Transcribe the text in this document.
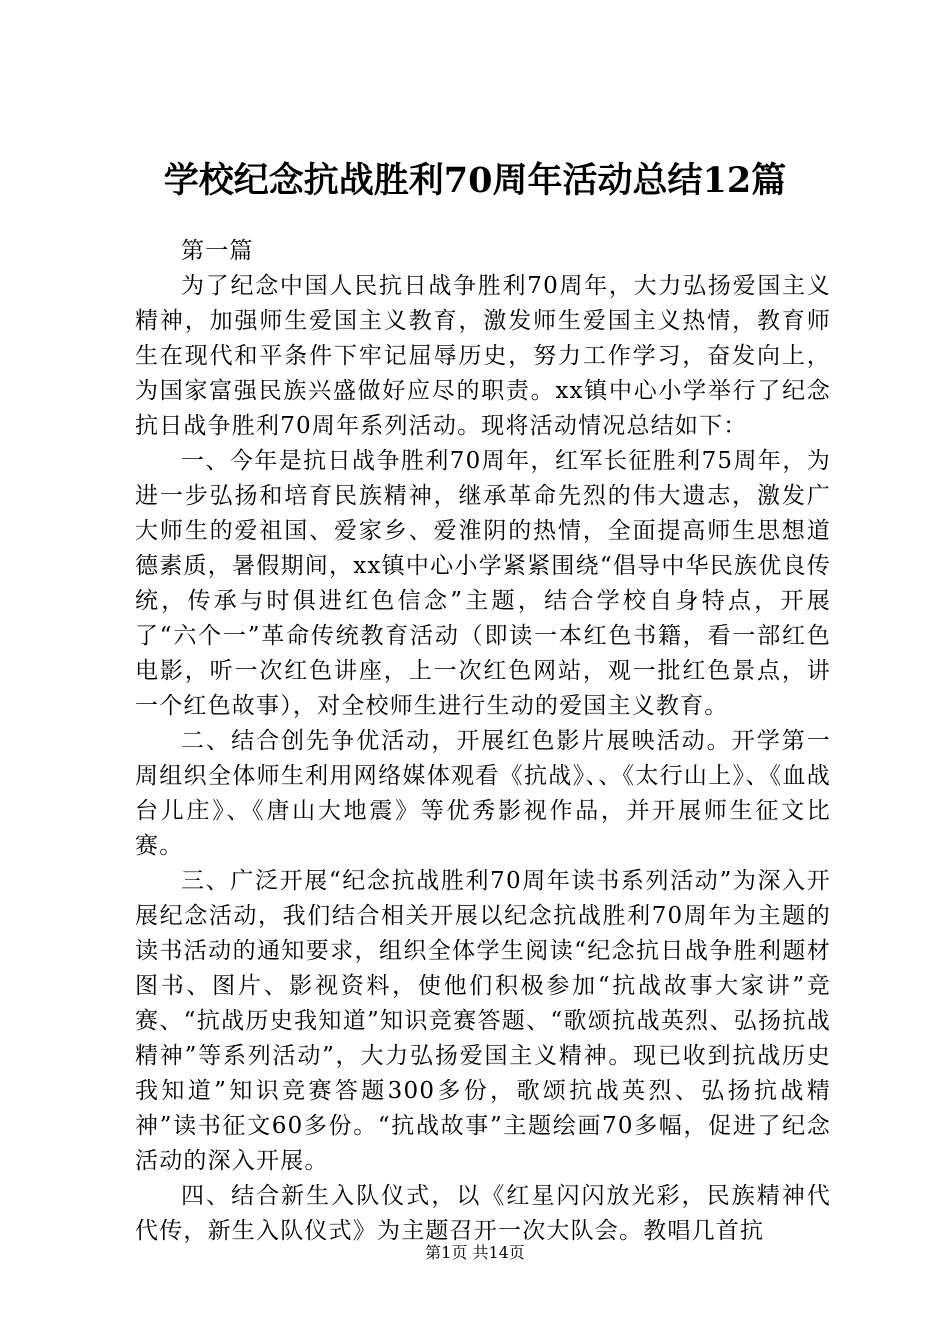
学校纪念抗战胜利70周年活动总结12篇

第一篇

为了纪念中国人民抗日战争胜利70周年，大力弘扬爱国主义精神，加强师生爱国主义教育，激发师生爱国主义热情，教育师生在现代和平条件下牢记屈辱历史，努力工作学习，奋发向上，为国家富强民族兴盛做好应尽的职责。xx镇中心小学举行了纪念抗日战争胜利70周年系列活动。现将活动情况总结如下：

一、今年是抗日战争胜利70周年，红军长征胜利75周年，为进一步弘扬和培育民族精神，继承革命先烈的伟大遗志，激发广大师生的爱祖国、爱家乡、爱淮阴的热情，全面提高师生思想道德素质，暑假期间，xx镇中心小学紧紧围绕“倡导中华民族优良传统，传承与时俱进红色信念”主题，结合学校自身特点，开展了“六个一”革命传统教育活动（即读一本红色书籍，看一部红色电影，听一次红色讲座，上一次红色网站，观一批红色景点，讲一个红色故事），对全校师生进行生动的爱国主义教育。

二、结合创先争优活动，开展红色影片展映活动。开学第一周组织全体师生利用网络媒体观看《抗战》、、《太行山上》、《血战台儿庄》、《唐山大地震》等优秀影视作品，并开展师生征文比赛。

三、广泛开展“纪念抗战胜利70周年读书系列活动”为深入开展纪念活动，我们结合相关开展以纪念抗战胜利70周年为主题的读书活动的通知要求，组织全体学生阅读“纪念抗日战争胜利题材图书、图片、影视资料，使他们积极参加“抗战故事大家讲”竞赛、“抗战历史我知道”知识竞赛答题、“歌颂抗战英烈、弘扬抗战精神”等系列活动”，大力弘扬爱国主义精神。现已收到抗战历史我知道”知识竞赛答题300多份，歌颂抗战英烈、弘扬抗战精神”读书征文60多份。“抗战故事”主题绘画70多幅，促进了纪念活动的深入开展。

四、结合新生入队仪式，以《红星闪闪放光彩，民族精神代代传，新生入队仪式》为主题召开一次大队会。教唱几首抗

第1页 共14页
